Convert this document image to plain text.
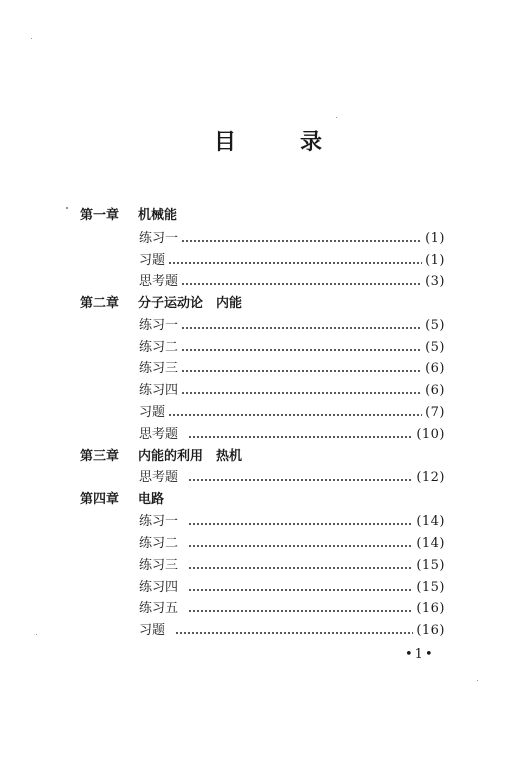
目	录
第一章 机械能
练习一	(1)
习题	(1)
思考题	(3)
第二章 分子运动论　内能
练习一	(5)
练习二	(5)
练习三	(6)
练习四	(6)
习题	(7)
思考题	(10)
第三章 内能的利用　热机
思考题	(12)
第四章 电路
练习一	(14)
练习二	(14)
练习三	(15)
练习四	(15)
练习五	(16)
习题	(16)
•1•
